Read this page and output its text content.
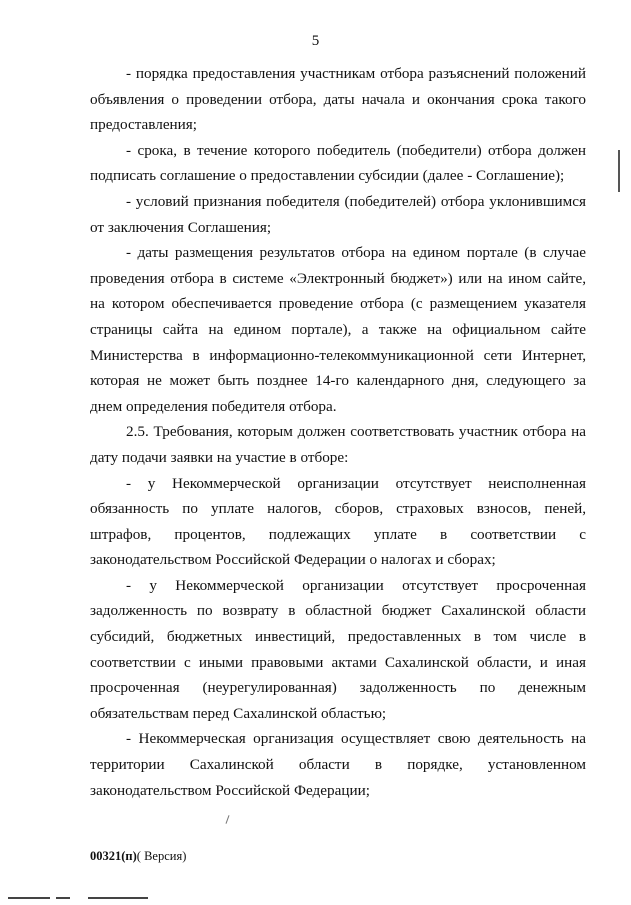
5

- порядка предоставления участникам отбора разъяснений положений объявления о проведении отбора, даты начала и окончания срока такого предоставления;

- срока, в течение которого победитель (победители) отбора должен подписать соглашение о предоставлении субсидии (далее - Соглашение);

- условий признания победителя (победителей) отбора уклонившимся от заключения Соглашения;

- даты размещения результатов отбора на едином портале (в случае проведения отбора в системе «Электронный бюджет») или на ином сайте, на котором обеспечивается проведение отбора (с размещением указателя страницы сайта на едином портале), а также на официальном сайте Министерства в информационно-телекоммуникационной сети Интернет, которая не может быть позднее 14-го календарного дня, следующего за днем определения победителя отбора.

2.5. Требования, которым должен соответствовать участник отбора на дату подачи заявки на участие в отборе:

- у Некоммерческой организации отсутствует неисполненная обязанность по уплате налогов, сборов, страховых взносов, пеней, штрафов, процентов, подлежащих уплате в соответствии с законодательством Российской Федерации о налогах и сборах;

- у Некоммерческой организации отсутствует просроченная задолженность по возврату в областной бюджет Сахалинской области субсидий, бюджетных инвестиций, предоставленных в том числе в соответствии с иными правовыми актами Сахалинской области, и иная просроченная (неурегулированная) задолженность по денежным обязательствам перед Сахалинской областью;

- Некоммерческая организация осуществляет свою деятельность на территории Сахалинской области в порядке, установленном законодательством Российской Федерации;

00321(п)( Версия)
